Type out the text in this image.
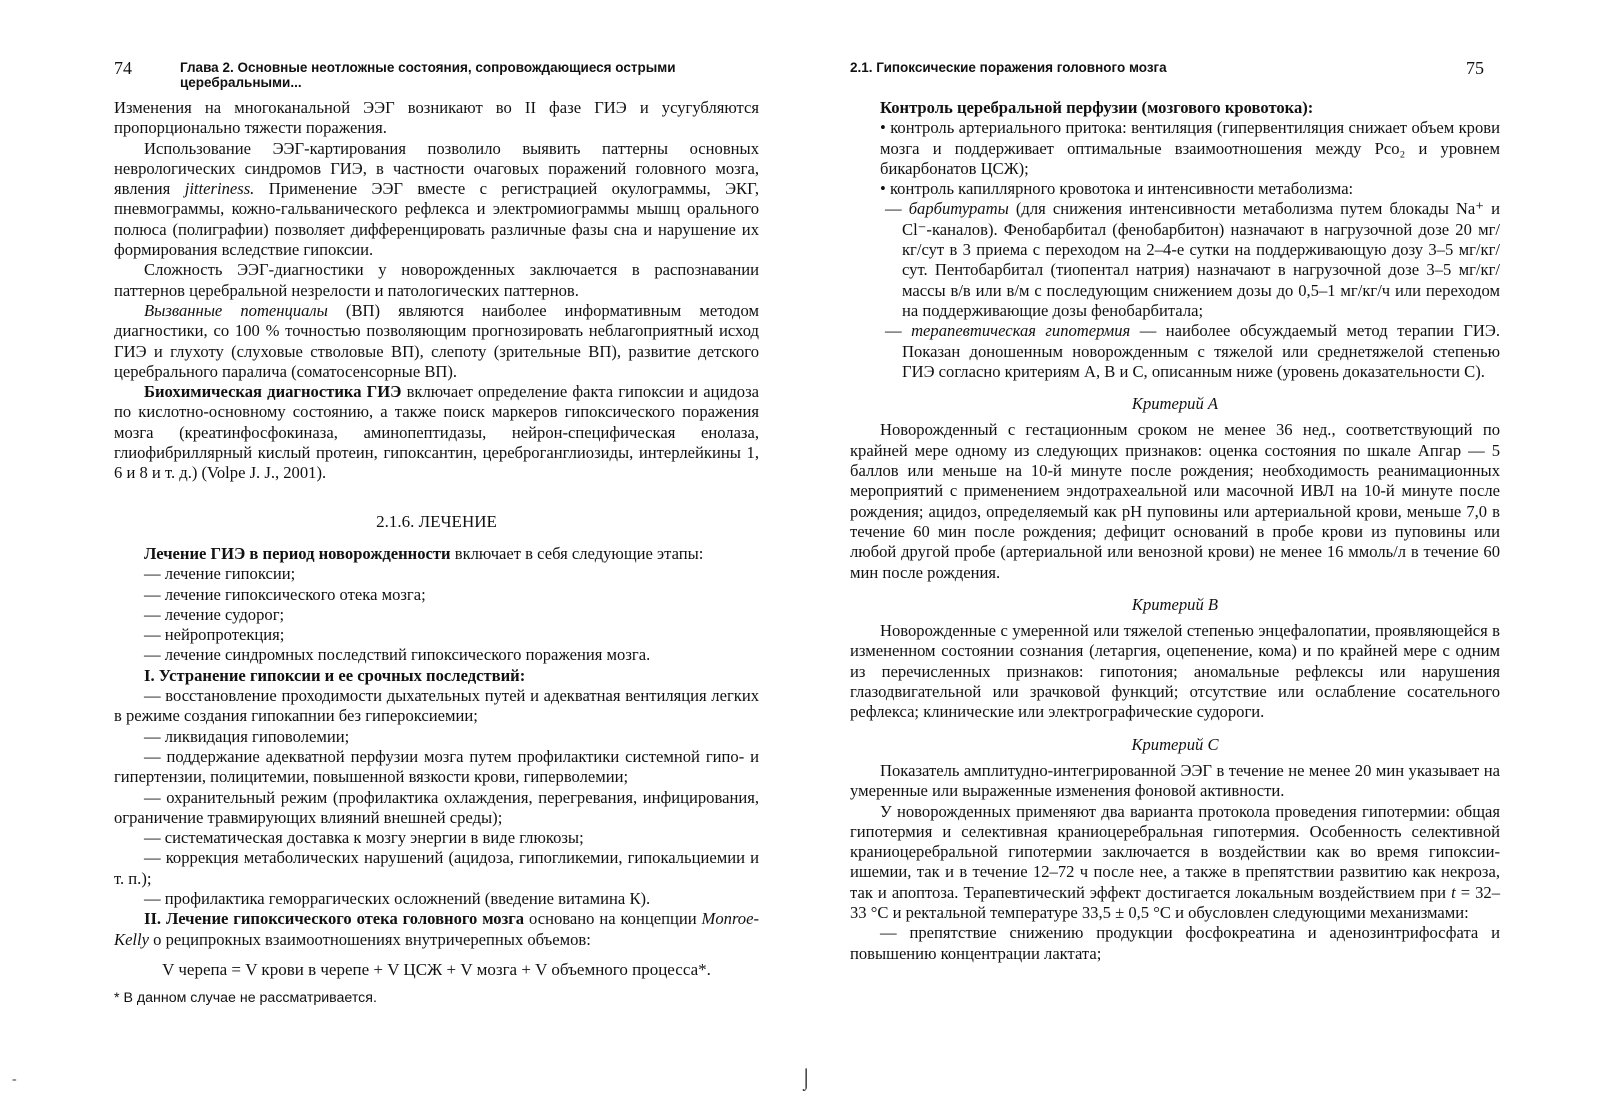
74	Глава 2. Основные неотложные состояния, сопровождающиеся острыми церебральными...

Изменения на многоканальной ЭЭГ возникают во II фазе ГИЭ и усугубляются пропорционально тяжести поражения.

Использование ЭЭГ-картирования позволило выявить паттерны основных неврологических синдромов ГИЭ, в частности очаговых поражений головного мозга, явления jitteriness. Применение ЭЭГ вместе с регистрацией окулограммы, ЭКГ, пневмограммы, кожно-гальванического рефлекса и электромиограммы мышц орального полюса (полиграфии) позволяет дифференцировать различные фазы сна и нарушение их формирования вследствие гипоксии.

Сложность ЭЭГ-диагностики у новорожденных заключается в распознавании паттернов церебральной незрелости и патологических паттернов.

Вызванные потенциалы (ВП) являются наиболее информативным методом диагностики, со 100 % точностью позволяющим прогнозировать неблагоприятный исход ГИЭ и глухоту (слуховые стволовые ВП), слепоту (зрительные ВП), развитие детского церебрального паралича (соматосенсорные ВП).

Биохимическая диагностика ГИЭ включает определение факта гипоксии и ацидоза по кислотно-основному состоянию, а также поиск маркеров гипоксического поражения мозга (креатинфосфокиназа, аминопептидазы, нейрон-специфическая енолаза, глиофибриллярный кислый протеин, гипоксантин, цереброганглиозиды, интерлейкины 1, 6 и 8 и т. д.) (Volpe J. J., 2001).

2.1.6. ЛЕЧЕНИЕ

Лечение ГИЭ в период новорожденности включает в себя следующие этапы:

— лечение гипоксии;

— лечение гипоксического отека мозга;

— лечение судорог;

— нейропротекция;

— лечение синдромных последствий гипоксического поражения мозга.

I. Устранение гипоксии и ее срочных последствий:

— восстановление проходимости дыхательных путей и адекватная вентиляция легких в режиме создания гипокапнии без гипероксиемии;

— ликвидация гиповолемии;

— поддержание адекватной перфузии мозга путем профилактики системной гипо- и гипертензии, полицитемии, повышенной вязкости крови, гиперволемии;

— охранительный режим (профилактика охлаждения, перегревания, инфицирования, ограничение травмирующих влияний внешней среды);

— систематическая доставка к мозгу энергии в виде глюкозы;

— коррекция метаболических нарушений (ацидоза, гипогликемии, гипокальциемии и т. п.);

— профилактика геморрагических осложнений (введение витамина К).

II. Лечение гипоксического отека головного мозга основано на концепции Monroe-Kelly о реципрокных взаимоотношениях внутричерепных объемов:

V черепа = V крови в черепе + V ЦСЖ + V мозга + V объемного процесса*.

* В данном случае не рассматривается.

2.1. Гипоксические поражения головного мозга	75

Контроль церебральной перфузии (мозгового кровотока):

• контроль артериального притока: вентиляция (гипервентиляция снижает объем крови мозга и поддерживает оптимальные взаимоотношения между Рсо₂ и уровнем бикарбонатов ЦСЖ);

• контроль капиллярного кровотока и интенсивности метаболизма:

— барбитураты (для снижения интенсивности метаболизма путем блокады Na⁺ и Cl⁻-каналов). Фенобарбитал (фенобарбитон) назначают в нагрузочной дозе 20 мг/кг/сут в 3 приема с переходом на 2–4-е сутки на поддерживающую дозу 3–5 мг/кг/сут. Пентобарбитал (тиопентал натрия) назначают в нагрузочной дозе 3–5 мг/кг/ массы в/в или в/м с последующим снижением дозы до 0,5–1 мг/кг/ч или переходом на поддерживающие дозы фенобарбитала;

— терапевтическая гипотермия — наиболее обсуждаемый метод терапии ГИЭ. Показан доношенным новорожденным с тяжелой или среднетяжелой степенью ГИЭ согласно критериям А, В и С, описанным ниже (уровень доказательности С).

Критерий А

Новорожденный с гестационным сроком не менее 36 нед., соответствующий по крайней мере одному из следующих признаков: оценка состояния по шкале Апгар — 5 баллов или меньше на 10-й минуте после рождения; необходимость реанимационных мероприятий с применением эндотрахеальной или масочной ИВЛ на 10-й минуте после рождения; ацидоз, определяемый как рН пуповины или артериальной крови, меньше 7,0 в течение 60 мин после рождения; дефицит оснований в пробе крови из пуповины или любой другой пробе (артериальной или венозной крови) не менее 16 ммоль/л в течение 60 мин после рождения.

Критерий В

Новорожденные с умеренной или тяжелой степенью энцефалопатии, проявляющейся в измененном состоянии сознания (летаргия, оцепенение, кома) и по крайней мере с одним из перечисленных признаков: гипотония; аномальные рефлексы или нарушения глазодвигательной или зрачковой функций; отсутствие или ослабление сосательного рефлекса; клинические или электрографические судороги.

Критерий С

Показатель амплитудно-интегрированной ЭЭГ в течение не менее 20 мин указывает на умеренные или выраженные изменения фоновой активности.

У новорожденных применяют два варианта протокола проведения гипотермии: общая гипотермия и селективная краниоцеребральная гипотермия. Особенность селективной краниоцеребральной гипотермии заключается в воздействии как во время гипоксии-ишемии, так и в течение 12–72 ч после нее, а также в препятствии развитию как некроза, так и апоптоза. Терапевтический эффект достигается локальным воздействием при t = 32–33 °С и ректальной температуре 33,5 ± 0,5 °С и обусловлен следующими механизмами:

— препятствие снижению продукции фосфокреатина и аденозинтрифосфата и повышению концентрации лактата;

⌡
-
